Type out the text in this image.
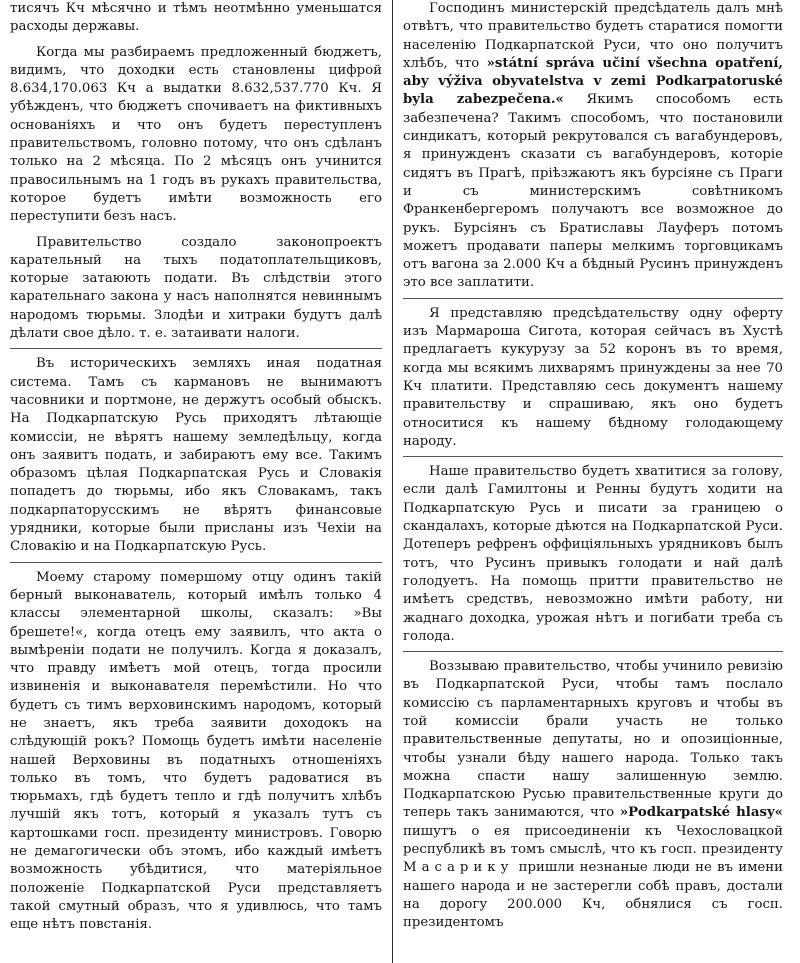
тисячъ Кч мѣсячно и тѣмъ неотмѣнно уменьшатся расходы державы.

Когда мы разбираемъ предложенный бюджетъ, видимъ, что доходки есть становлены цифрой 8.634,170.063 Кч а выдатки 8.632,537.770 Кч. Я убѣжденъ, что бюджетъ спочиваетъ на фиктивныхъ основаніяхъ и что онъ будетъ переступленъ правительствомъ, головно потому, что онъ сдѣланъ только на 2 мѣсяца. По 2 мѣсяцъ онъ учинится правосильнымъ на 1 годъ въ рукахъ правительства, которое будетъ имѣти возможность его переступити безъ насъ.

Правительство создало законопроектъ карательный на тыхъ податоплательщиковъ, которые затаюють подати. Въ слѣдствіи этого карательнаго закона у насъ наполнятся невиннымъ народомъ тюрьмы. Злодѣи и хитраки будутъ далѣ дѣлати свое дѣло. т. е. затаивати налоги.

Въ историческихъ земляхъ иная податная система. Тамъ съ кармановъ не вынимаютъ часовники и портмоне, не держутъ особый обыскъ. На Подкарпатскую Русь приходятъ лѣтающіе комиссіи, не вѣрятъ нашему земледѣльцу, когда онъ заявитъ подать, и забираютъ ему все. Такимъ образомъ цѣлая Подкарпатская Русь и Словакія попадетъ до тюрьмы, ибо якъ Словакамъ, такъ подкарпаторусскимъ не вѣрятъ финансовые урядники, которые были присланы изъ Чехіи на Словакію и на Подкарпатскую Русь.

Моему старому помершому отцу одинъ такій берный выконаватель, который имѣлъ только 4 классы элементарной школы, сказалъ: »Вы брешете!«, когда отецъ ему заявилъ, что акта о вымѣреніи подати не получилъ. Когда я доказалъ, что правду имѣетъ мой отецъ, тогда просили извиненія и выконавателя перемѣстили. Но что будетъ съ тимъ верховинскимъ народомъ, который не знаетъ, якъ треба заявити доходокъ на слѣдующій рокъ? Помощь будетъ имѣти населеніе нашей Верховины въ податныхъ отношеніяхъ только въ томъ, что будетъ радоватися въ тюрьмахъ, гдѣ будетъ тепло и гдѣ получитъ хлѣбъ лучшій якъ тотъ, который я указалъ тутъ съ картошками госп. президенту министровъ. Говорю не демагогически объ этомъ, ибо каждый имѣетъ возможность убѣдитися, что матеріяльное положеніе Подкарпатской Руси представляетъ такой смутный образъ, что я удивлюсь, что тамъ еще нѣтъ повстанія.

Господинъ министерскій предсѣдатель далъ мнѣ отвѣтъ, что правительство будетъ старатися помогти населенію Подкарпатской Руси, что оно получитъ хлѣбъ, что »státní správa učiní všechna opatření, aby výživa obyvatelstva v zemi Podkarpatoruské byla zabezpečena.« Якимъ способомъ есть забезпечена? Такимъ способомъ, что постановили синдикатъ, который рекрутовался съ вагабундеровъ, я принужденъ сказати съ вагабундеровъ, которіе сидятъ въ Прагѣ, пріѣзжаютъ якъ бурсіяне съ Праги и съ министерскимъ совѣтникомъ Франкенбергеромъ получаютъ все возможное до рукъ. Бурсіянъ съ Братиславы Лауферъ потомъ можетъ продавати паперы мелкимъ торговцикамъ отъ вагона за 2.000 Кч а бѣдный Русинъ принужденъ это все заплатити.

Я представляю предсѣдательству одну оферту изъ Мармароша Сигота, которая сейчасъ въ Хустѣ предлагаетъ кукурузу за 52 коронъ въ то время, когда мы всякимъ лихварямъ принуждены за нее 70 Кч платити. Представляю сесь документъ нашему правительству и спрашиваю, якъ оно будетъ относитися къ нашему бѣдному голодающему народу.

Наше правительство будетъ хватитися за голову, если далѣ Гамилтоны и Ренны будутъ ходити на Подкарпатскую Русь и писати за границею о скандалахъ, которые дѣются на Подкарпатской Руси. Дотеперъ рефренъ оффиціяльныхъ урядниковъ былъ тотъ, что Русинъ привыкъ голодати и най далѣ голодуетъ. На помощь притти правительство не имѣетъ средствъ, невозможно имѣти работу, ни жаднаго доходка, урожая нѣтъ и погибати треба съ голода.

Воззываю правительство, чтобы учинило ревизію въ Подкарпатской Руси, чтобы тамъ послало комиссію съ парламентарныхъ круговъ и чтобы въ той комиссіи брали участь не только правительственные депутаты, но и опозиціонные, чтобы узнали бѣду нашего народа. Только такъ можна спасти нашу залишенную землю. Подкарпатскою Русью правительственные круги до теперь такъ занимаются, что »Podkarpatské hlasy« пишутъ о ея присоединеніи къ Чехословацкой республикѣ въ томъ смыслѣ, что къ госп. президенту Масарику пришли незнаные люди не въ имени нашего народа и не застерегли собѣ правъ, достали на дорогу 200.000 Кч, обнялися съ госп. президентомъ
